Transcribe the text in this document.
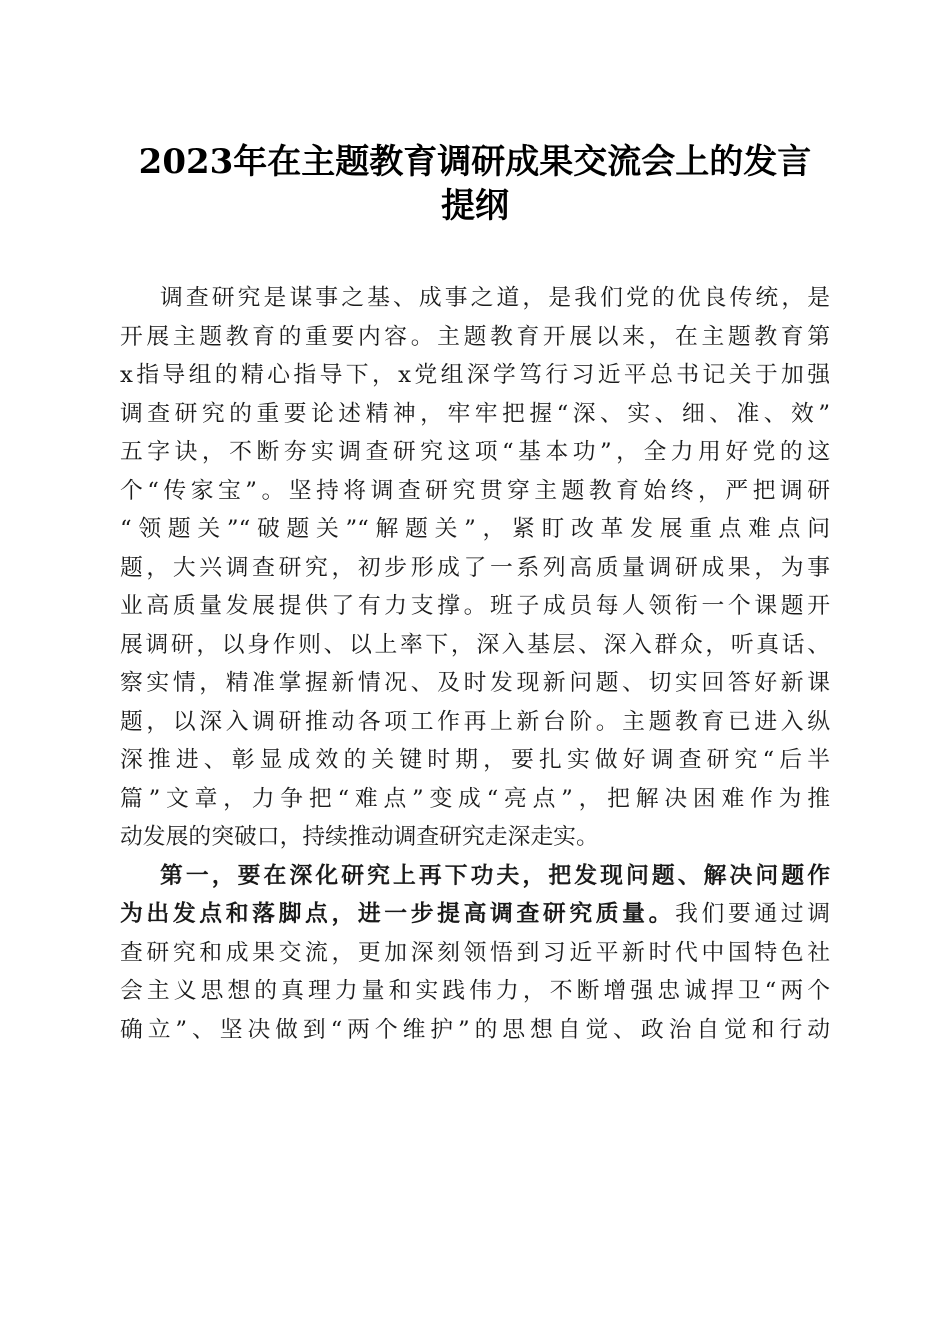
2023年在主题教育调研成果交流会上的发言
提纲
调查研究是谋事之基、成事之道，是我们党的优良传统，是
开展主题教育的重要内容。主题教育开展以来，在主题教育第
x指导组的精心指导下，x党组深学笃行习近平总书记关于加强
调查研究的重要论述精神，牢牢把握“深、实、细、准、效”
五字诀，不断夯实调查研究这项“基本功”，全力用好党的这
个“传家宝”。坚持将调查研究贯穿主题教育始终，严把调研
“领题关”“破题关”“解题关”，紧盯改革发展重点难点问
题，大兴调查研究，初步形成了一系列高质量调研成果，为事
业高质量发展提供了有力支撑。班子成员每人领衔一个课题开
展调研，以身作则、以上率下，深入基层、深入群众，听真话、
察实情，精准掌握新情况、及时发现新问题、切实回答好新课
题，以深入调研推动各项工作再上新台阶。主题教育已进入纵
深推进、彰显成效的关键时期，要扎实做好调查研究“后半
篇”文章，力争把“难点”变成“亮点”，把解决困难作为推
动发展的突破口，持续推动调查研究走深走实。
第一，要在深化研究上再下功夫，把发现问题、解决问题作
为出发点和落脚点，进一步提高调查研究质量。我们要通过调
查研究和成果交流，更加深刻领悟到习近平新时代中国特色社
会主义思想的真理力量和实践伟力，不断增强忠诚捍卫“两个
确立”、坚决做到“两个维护”的思想自觉、政治自觉和行动
